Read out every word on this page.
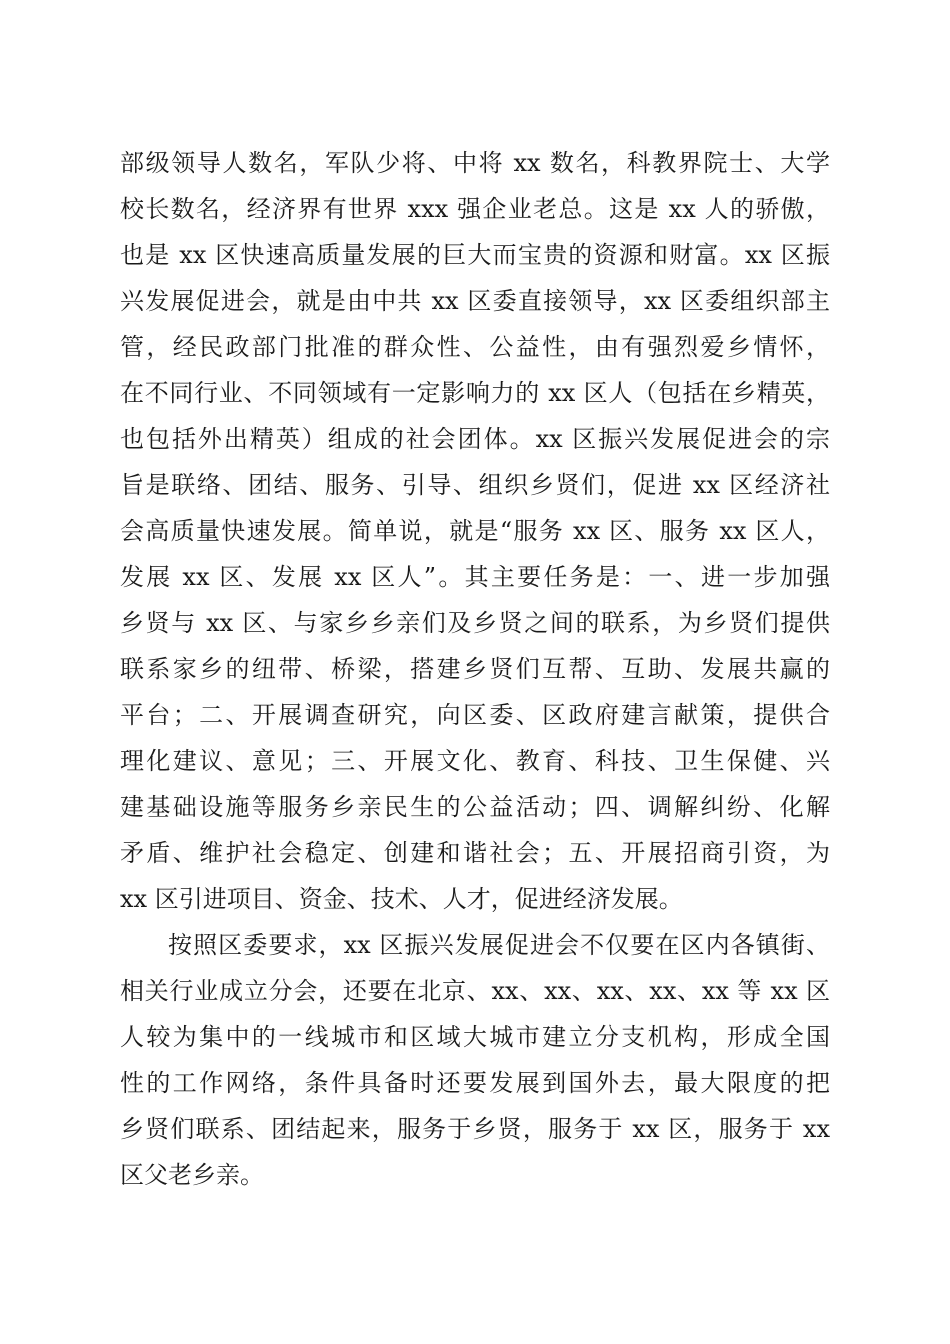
部级领导人数名，军队少将、中将 xx 数名，科教界院士、大学
校长数名，经济界有世界 xxx 强企业老总。这是 xx 人的骄傲，
也是 xx 区快速高质量发展的巨大而宝贵的资源和财富。xx 区振
兴发展促进会，就是由中共 xx 区委直接领导，xx 区委组织部主
管，经民政部门批准的群众性、公益性，由有强烈爱乡情怀，
在不同行业、不同领域有一定影响力的 xx 区人（包括在乡精英，
也包括外出精英）组成的社会团体。xx 区振兴发展促进会的宗
旨是联络、团结、服务、引导、组织乡贤们，促进 xx 区经济社
会高质量快速发展。简单说，就是“服务 xx 区、服务 xx 区人，
发展 xx 区、发展 xx 区人”。其主要任务是：一、进一步加强
乡贤与 xx 区、与家乡乡亲们及乡贤之间的联系，为乡贤们提供
联系家乡的纽带、桥梁，搭建乡贤们互帮、互助、发展共赢的
平台；二、开展调查研究，向区委、区政府建言献策，提供合
理化建议、意见；三、开展文化、教育、科技、卫生保健、兴
建基础设施等服务乡亲民生的公益活动；四、调解纠纷、化解
矛盾、维护社会稳定、创建和谐社会；五、开展招商引资，为
xx 区引进项目、资金、技术、人才，促进经济发展。
按照区委要求，xx 区振兴发展促进会不仅要在区内各镇街、
相关行业成立分会，还要在北京、xx、xx、xx、xx、xx 等 xx 区
人较为集中的一线城市和区域大城市建立分支机构，形成全国
性的工作网络，条件具备时还要发展到国外去，最大限度的把
乡贤们联系、团结起来，服务于乡贤，服务于 xx 区，服务于 xx
区父老乡亲。
